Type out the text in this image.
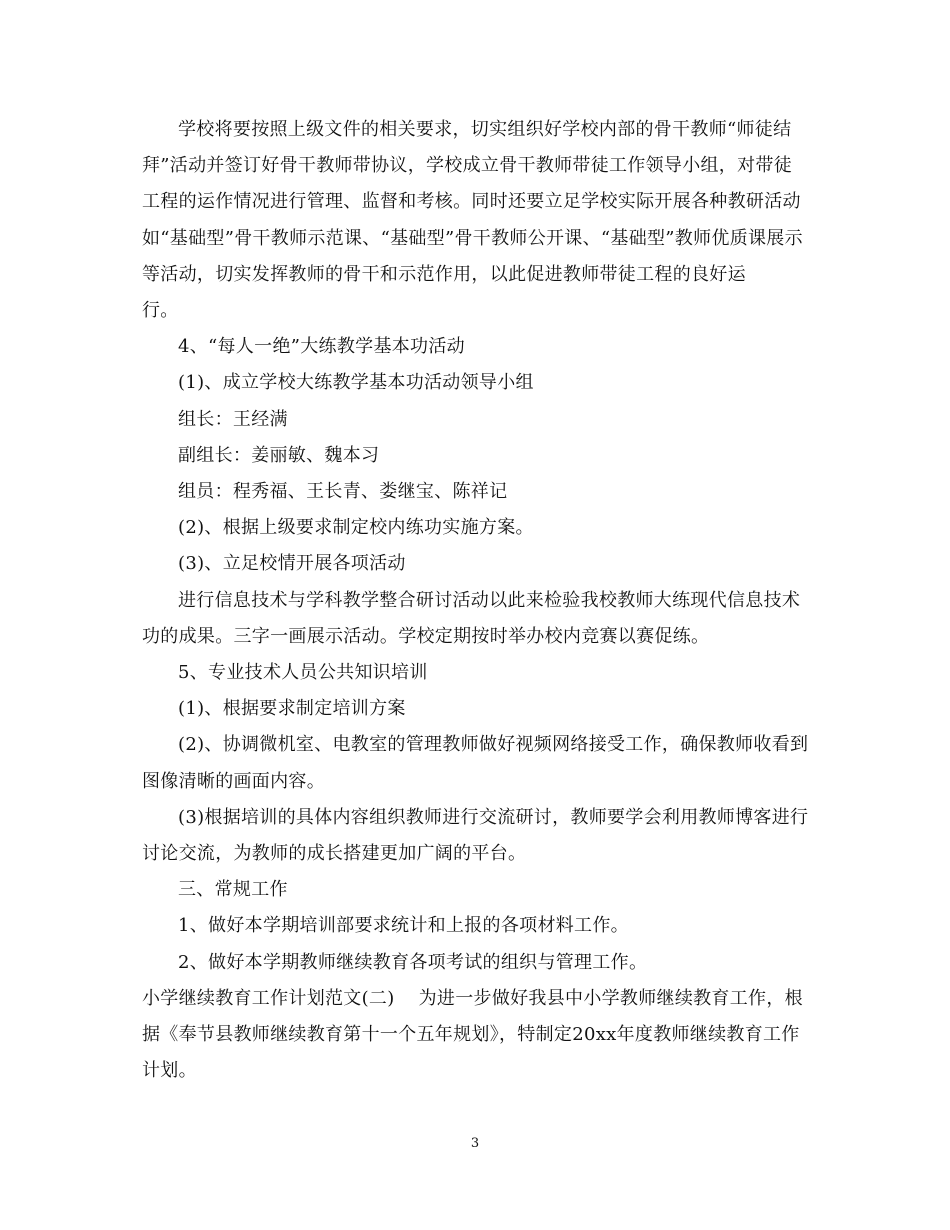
学校将要按照上级文件的相关要求，切实组织好学校内部的骨干教师“师徒结拜”活动并签订好骨干教师带协议，学校成立骨干教师带徒工作领导小组，对带徒工程的运作情况进行管理、监督和考核。同时还要立足学校实际开展各种教研活动如“基础型”骨干教师示范课、“基础型”骨干教师公开课、“基础型”教师优质课展示等活动，切实发挥教师的骨干和示范作用，以此促进教师带徒工程的良好运
行。

4、“每人一绝”大练教学基本功活动

(1)、成立学校大练教学基本功活动领导小组

组长：王经满

副组长：姜丽敏、魏本习

组员：程秀福、王长青、娄继宝、陈祥记

(2)、根据上级要求制定校内练功实施方案。

(3)、立足校情开展各项活动

进行信息技术与学科教学整合研讨活动以此来检验我校教师大练现代信息技术功的成果。三字一画展示活动。学校定期按时举办校内竞赛以赛促练。

5、专业技术人员公共知识培训

(1)、根据要求制定培训方案

(2)、协调微机室、电教室的管理教师做好视频网络接受工作，确保教师收看到图像清晰的画面内容。

(3)根据培训的具体内容组织教师进行交流研讨，教师要学会利用教师博客进行讨论交流，为教师的成长搭建更加广阔的平台。

三、常规工作

1、做好本学期培训部要求统计和上报的各项材料工作。

2、做好本学期教师继续教育各项考试的组织与管理工作。

小学继续教育工作计划范文(二)    为进一步做好我县中小学教师继续教育工作，根据《奉节县教师继续教育第十一个五年规划》，特制定20xx年度教师继续教育工作计划。

3
